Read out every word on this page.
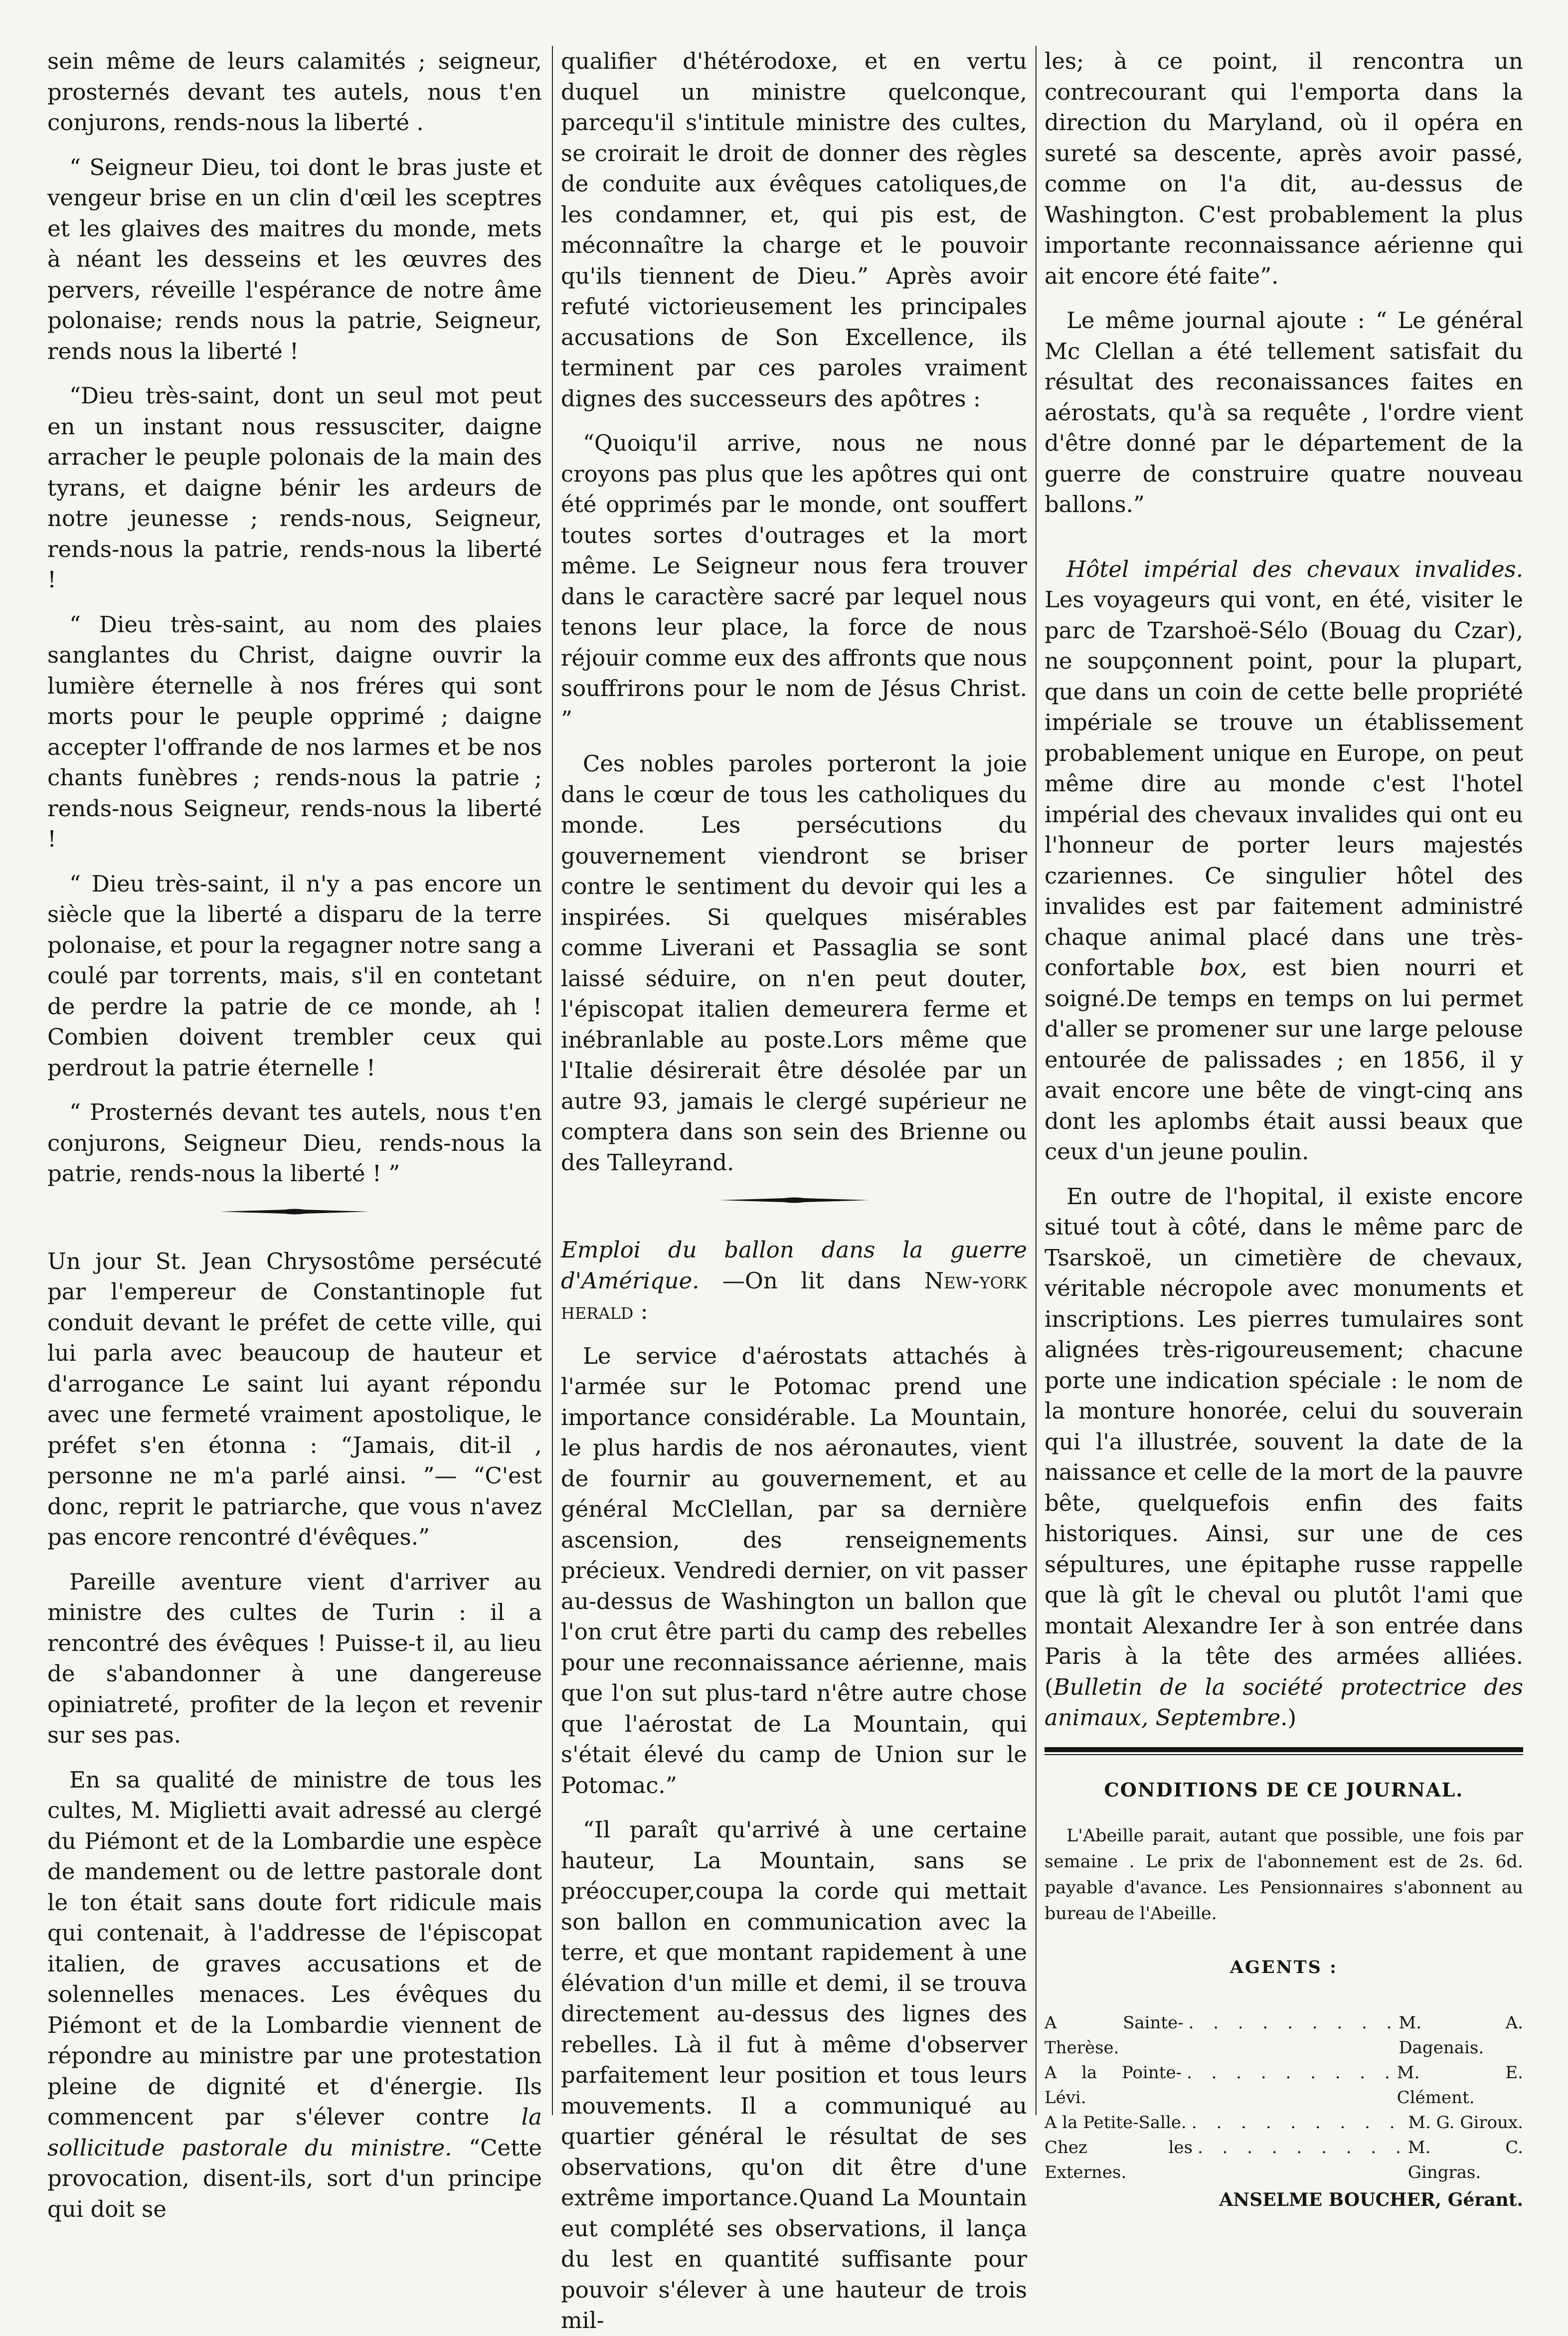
sein même de leurs calamités ; seigneur, prosternés devant tes autels, nous t'en conjurons, rends-nous la liberté .

“ Seigneur Dieu, toi dont le bras juste et vengeur brise en un clin d'œil les sceptres et les glaives des maitres du monde, mets à néant les desseins et les œuvres des pervers, réveille l'espérance de notre âme polonaise; rends nous la patrie, Seigneur, rends nous la liberté !

“Dieu très-saint, dont un seul mot peut en un instant nous ressusciter, daigne arracher le peuple polonais de la main des tyrans, et daigne bénir les ardeurs de notre jeunesse ; rends-nous, Seigneur, rends-nous la patrie, rends-nous la liberté !

“ Dieu très-saint, au nom des plaies sanglantes du Christ, daigne ouvrir la lumière éternelle à nos fréres qui sont morts pour le peuple opprimé ; daigne accepter l'offrande de nos larmes et be nos chants funèbres ; rends-nous la patrie ; rends-nous Seigneur, rends-nous la liberté !

“ Dieu très-saint, il n'y a pas encore un siècle que la liberté a disparu de la terre polonaise, et pour la regagner notre sang a coulé par torrents, mais, s'il en contetant de perdre la patrie de ce monde, ah ! Combien doivent trembler ceux qui perdrout la patrie éternelle !

“ Prosternés devant tes autels, nous t'en conjurons, Seigneur Dieu, rends-nous la patrie, rends-nous la liberté ! ”

Un jour St. Jean Chrysostôme persécuté par l'empereur de Constantinople fut conduit devant le préfet de cette ville, qui lui parla avec beaucoup de hauteur et d'arrogance Le saint lui ayant répondu avec une fermeté vraiment apostolique, le préfet s'en étonna : “Jamais, dit-il , personne ne m'a parlé ainsi. ”— “C'est donc, reprit le patriarche, que vous n'avez pas encore rencontré d'évêques.”

Pareille aventure vient d'arriver au ministre des cultes de Turin : il a rencontré des évêques ! Puisse-t il, au lieu de s'abandonner à une dangereuse opiniatreté, profiter de la leçon et revenir sur ses pas.

En sa qualité de ministre de tous les cultes, M. Miglietti avait adressé au clergé du Piémont et de la Lombardie une espèce de mandement ou de lettre pastorale dont le ton était sans doute fort ridicule mais qui contenait, à l'addresse de l'épiscopat italien, de graves accusations et de solennelles menaces. Les évêques du Piémont et de la Lombardie viennent de répondre au ministre par une protestation pleine de dignité et d'énergie. Ils commencent par s'élever contre la sollicitude pastorale du ministre. “Cette provocation, disent-ils, sort d'un principe qui doit se

qualifier d'hétérodoxe, et en vertu duquel un ministre quelconque, parcequ'il s'intitule ministre des cultes, se croirait le droit de donner des règles de conduite aux évêques catoliques,de les condamner, et, qui pis est, de méconnaître la charge et le pouvoir qu'ils tiennent de Dieu.” Après avoir refuté victorieusement les principales accusations de Son Excellence, ils terminent par ces paroles vraiment dignes des successeurs des apôtres :

“Quoiqu'il arrive, nous ne nous croyons pas plus que les apôtres qui ont été opprimés par le monde, ont souffert toutes sortes d'outrages et la mort même. Le Seigneur nous fera trouver dans le caractère sacré par lequel nous tenons leur place, la force de nous réjouir comme eux des affronts que nous souffrirons pour le nom de Jésus Christ. ”

Ces nobles paroles porteront la joie dans le cœur de tous les catholiques du monde. Les persécutions du gouvernement viendront se briser contre le sentiment du devoir qui les a inspirées. Si quelques misérables comme Liverani et Passaglia se sont laissé séduire, on n'en peut douter, l'épiscopat italien demeurera ferme et inébranlable au poste.Lors même que l'Italie désirerait être désolée par un autre 93, jamais le clergé supérieur ne comptera dans son sein des Brienne ou des Talleyrand.

Emploi du ballon dans la guerre d'Amérique. —On lit dans New-york herald :

Le service d'aérostats attachés à l'armée sur le Potomac prend une importance considérable. La Mountain, le plus hardis de nos aéronautes, vient de fournir au gouvernement, et au général McClellan, par sa dernière ascension, des renseignements précieux. Vendredi dernier, on vit passer au-dessus de Washington un ballon que l'on crut être parti du camp des rebelles pour une reconnaissance aérienne, mais que l'on sut plus-tard n'être autre chose que l'aérostat de La Mountain, qui s'était élevé du camp de Union sur le Potomac.”

“Il paraît qu'arrivé à une certaine hauteur, La Mountain, sans se préoccuper,coupa la corde qui mettait son ballon en communication avec la terre, et que montant rapidement à une élévation d'un mille et demi, il se trouva directement au-dessus des lignes des rebelles. Là il fut à même d'observer parfaitement leur position et tous leurs mouvements. Il a communiqué au quartier général le résultat de ses observations, qu'on dit être d'une extrême importance.Quand La Mountain eut complété ses observations, il lança du lest en quantité suffisante pour pouvoir s'élever à une hauteur de trois mil-

les; à ce point, il rencontra un contrecourant qui l'emporta dans la direction du Maryland, où il opéra en sureté sa descente, après avoir passé, comme on l'a dit, au-dessus de Washington. C'est probablement la plus importante reconnaissance aérienne qui ait encore été faite”.

Le même journal ajoute : “ Le général Mc Clellan a été tellement satisfait du résultat des reconaissances faites en aérostats, qu'à sa requête , l'ordre vient d'être donné par le département de la guerre de construire quatre nouveau ballons.”

Hôtel impérial des chevaux invalides. Les voyageurs qui vont, en été, visiter le parc de Tzarshoë-Sélo (Bouag du Czar), ne soupçonnent point, pour la plupart, que dans un coin de cette belle propriété impériale se trouve un établissement probablement unique en Europe, on peut même dire au monde c'est l'hotel impérial des chevaux invalides qui ont eu l'honneur de porter leurs majestés czariennes. Ce singulier hôtel des invalides est par faitement administré chaque animal placé dans une très-confortable box, est bien nourri et soigné.De temps en temps on lui permet d'aller se promener sur une large pelouse entourée de palissades ; en 1856, il y avait encore une bête de vingt-cinq ans dont les aplombs était aussi beaux que ceux d'un jeune poulin.

En outre de l'hopital, il existe encore situé tout à côté, dans le même parc de Tsarskoë, un cimetière de chevaux, véritable nécropole avec monuments et inscriptions. Les pierres tumulaires sont alignées très-rigoureusement; chacune porte une indication spéciale : le nom de la monture honorée, celui du souverain qui l'a illustrée, souvent la date de la naissance et celle de la mort de la pauvre bête, quelquefois enfin des faits historiques. Ainsi, sur une de ces sépultures, une épitaphe russe rappelle que là gît le cheval ou plutôt l'ami que montait Alexandre Ier à son entrée dans Paris à la tête des armées alliées. (Bulletin de la société protectrice des animaux, Septembre.)

CONDITIONS DE CE JOURNAL.

L'Abeille parait, autant que possible, une fois par semaine . Le prix de l'abonnement est de 2s. 6d. payable d'avance. Les Pensionnaires s'abonnent au bureau de l'Abeille.

AGENTS :
A Sainte-Therèse.
. . . . . . . . . M. A. Dagenais.
A la Pointe-Lévi.
. . . . . . . . . M. E. Clément.
A la Petite-Salle. . . . . . . . . . M. G. Giroux.
Chez les Externes.
. . . . . . . . . M. C. Gingras.
ANSELME BOUCHER, Gérant.
